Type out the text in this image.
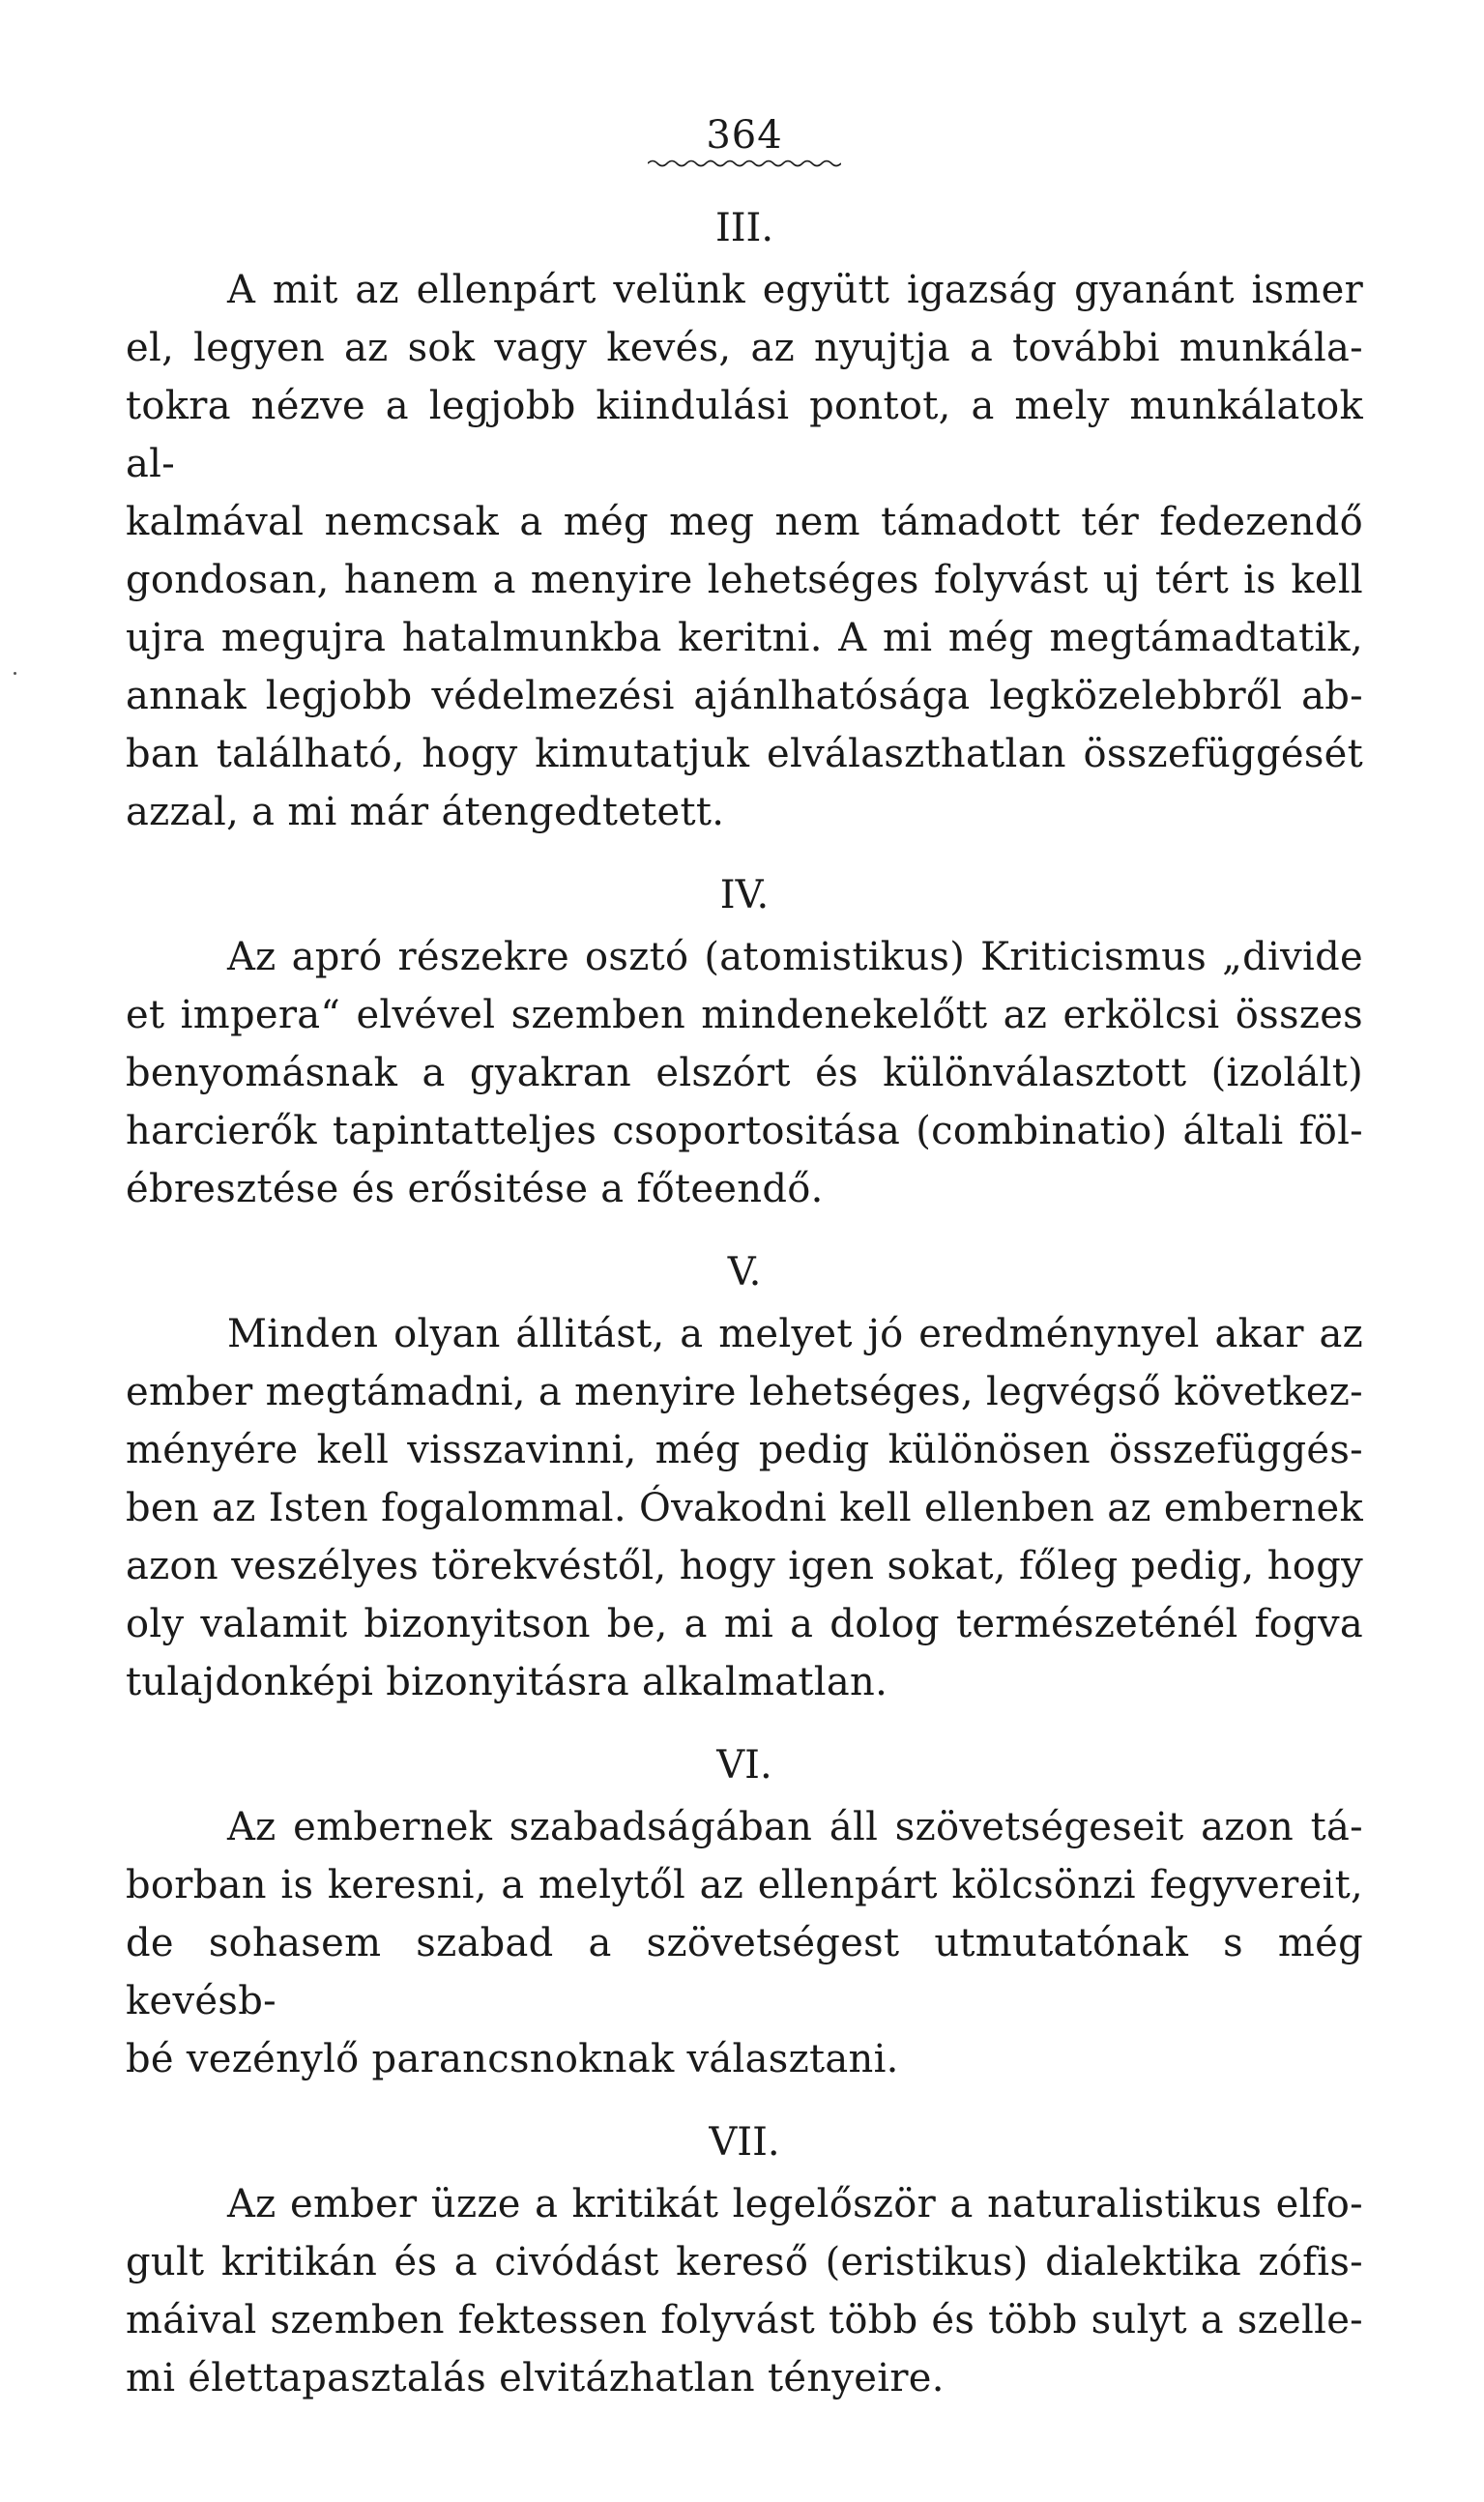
364
III.
A mit az ellenpárt velünk együtt igazság gyanánt ismer
el, legyen az sok vagy kevés, az nyujtja a további munkála-
tokra nézve a legjobb kiindulási pontot, a mely munkálatok al-
kalmával nemcsak a még meg nem támadott tér fedezendő
gondosan, hanem a menyire lehetséges folyvást uj tért is kell
ujra megujra hatalmunkba keritni. A mi még megtámadtatik,
annak legjobb védelmezési ajánlhatósága legközelebbről ab-
ban található, hogy kimutatjuk elválaszthatlan összefüggését
azzal, a mi már átengedtetett.
IV.
Az apró részekre osztó (atomistikus) Kriticismus „divide
et impera“ elvével szemben mindenekelőtt az erkölcsi összes
benyomásnak a gyakran elszórt és különválasztott (izolált)
harcierők tapintatteljes csoportositása (combinatio) általi föl-
ébresztése és erősitése a főteendő.
V.
Minden olyan állitást, a melyet jó eredménynyel akar az
ember megtámadni, a menyire lehetséges, legvégső következ-
ményére kell visszavinni, még pedig különösen összefüggés-
ben az Isten fogalommal. Óvakodni kell ellenben az embernek
azon veszélyes törekvéstől, hogy igen sokat, főleg pedig, hogy
oly valamit bizonyitson be, a mi a dolog természeténél fogva
tulajdonképi bizonyitásra alkalmatlan.
VI.
Az embernek szabadságában áll szövetségeseit azon tá-
borban is keresni, a melytől az ellenpárt kölcsönzi fegyvereit,
de sohasem szabad a szövetségest utmutatónak s még kevésb-
bé vezénylő parancsnoknak választani.
VII.
Az ember üzze a kritikát legelőször a naturalistikus elfo-
gult kritikán és a civódást kereső (eristikus) dialektika zófis-
máival szemben fektessen folyvást több és több sulyt a szelle-
mi élettapasztalás elvitázhatlan tényeire.
